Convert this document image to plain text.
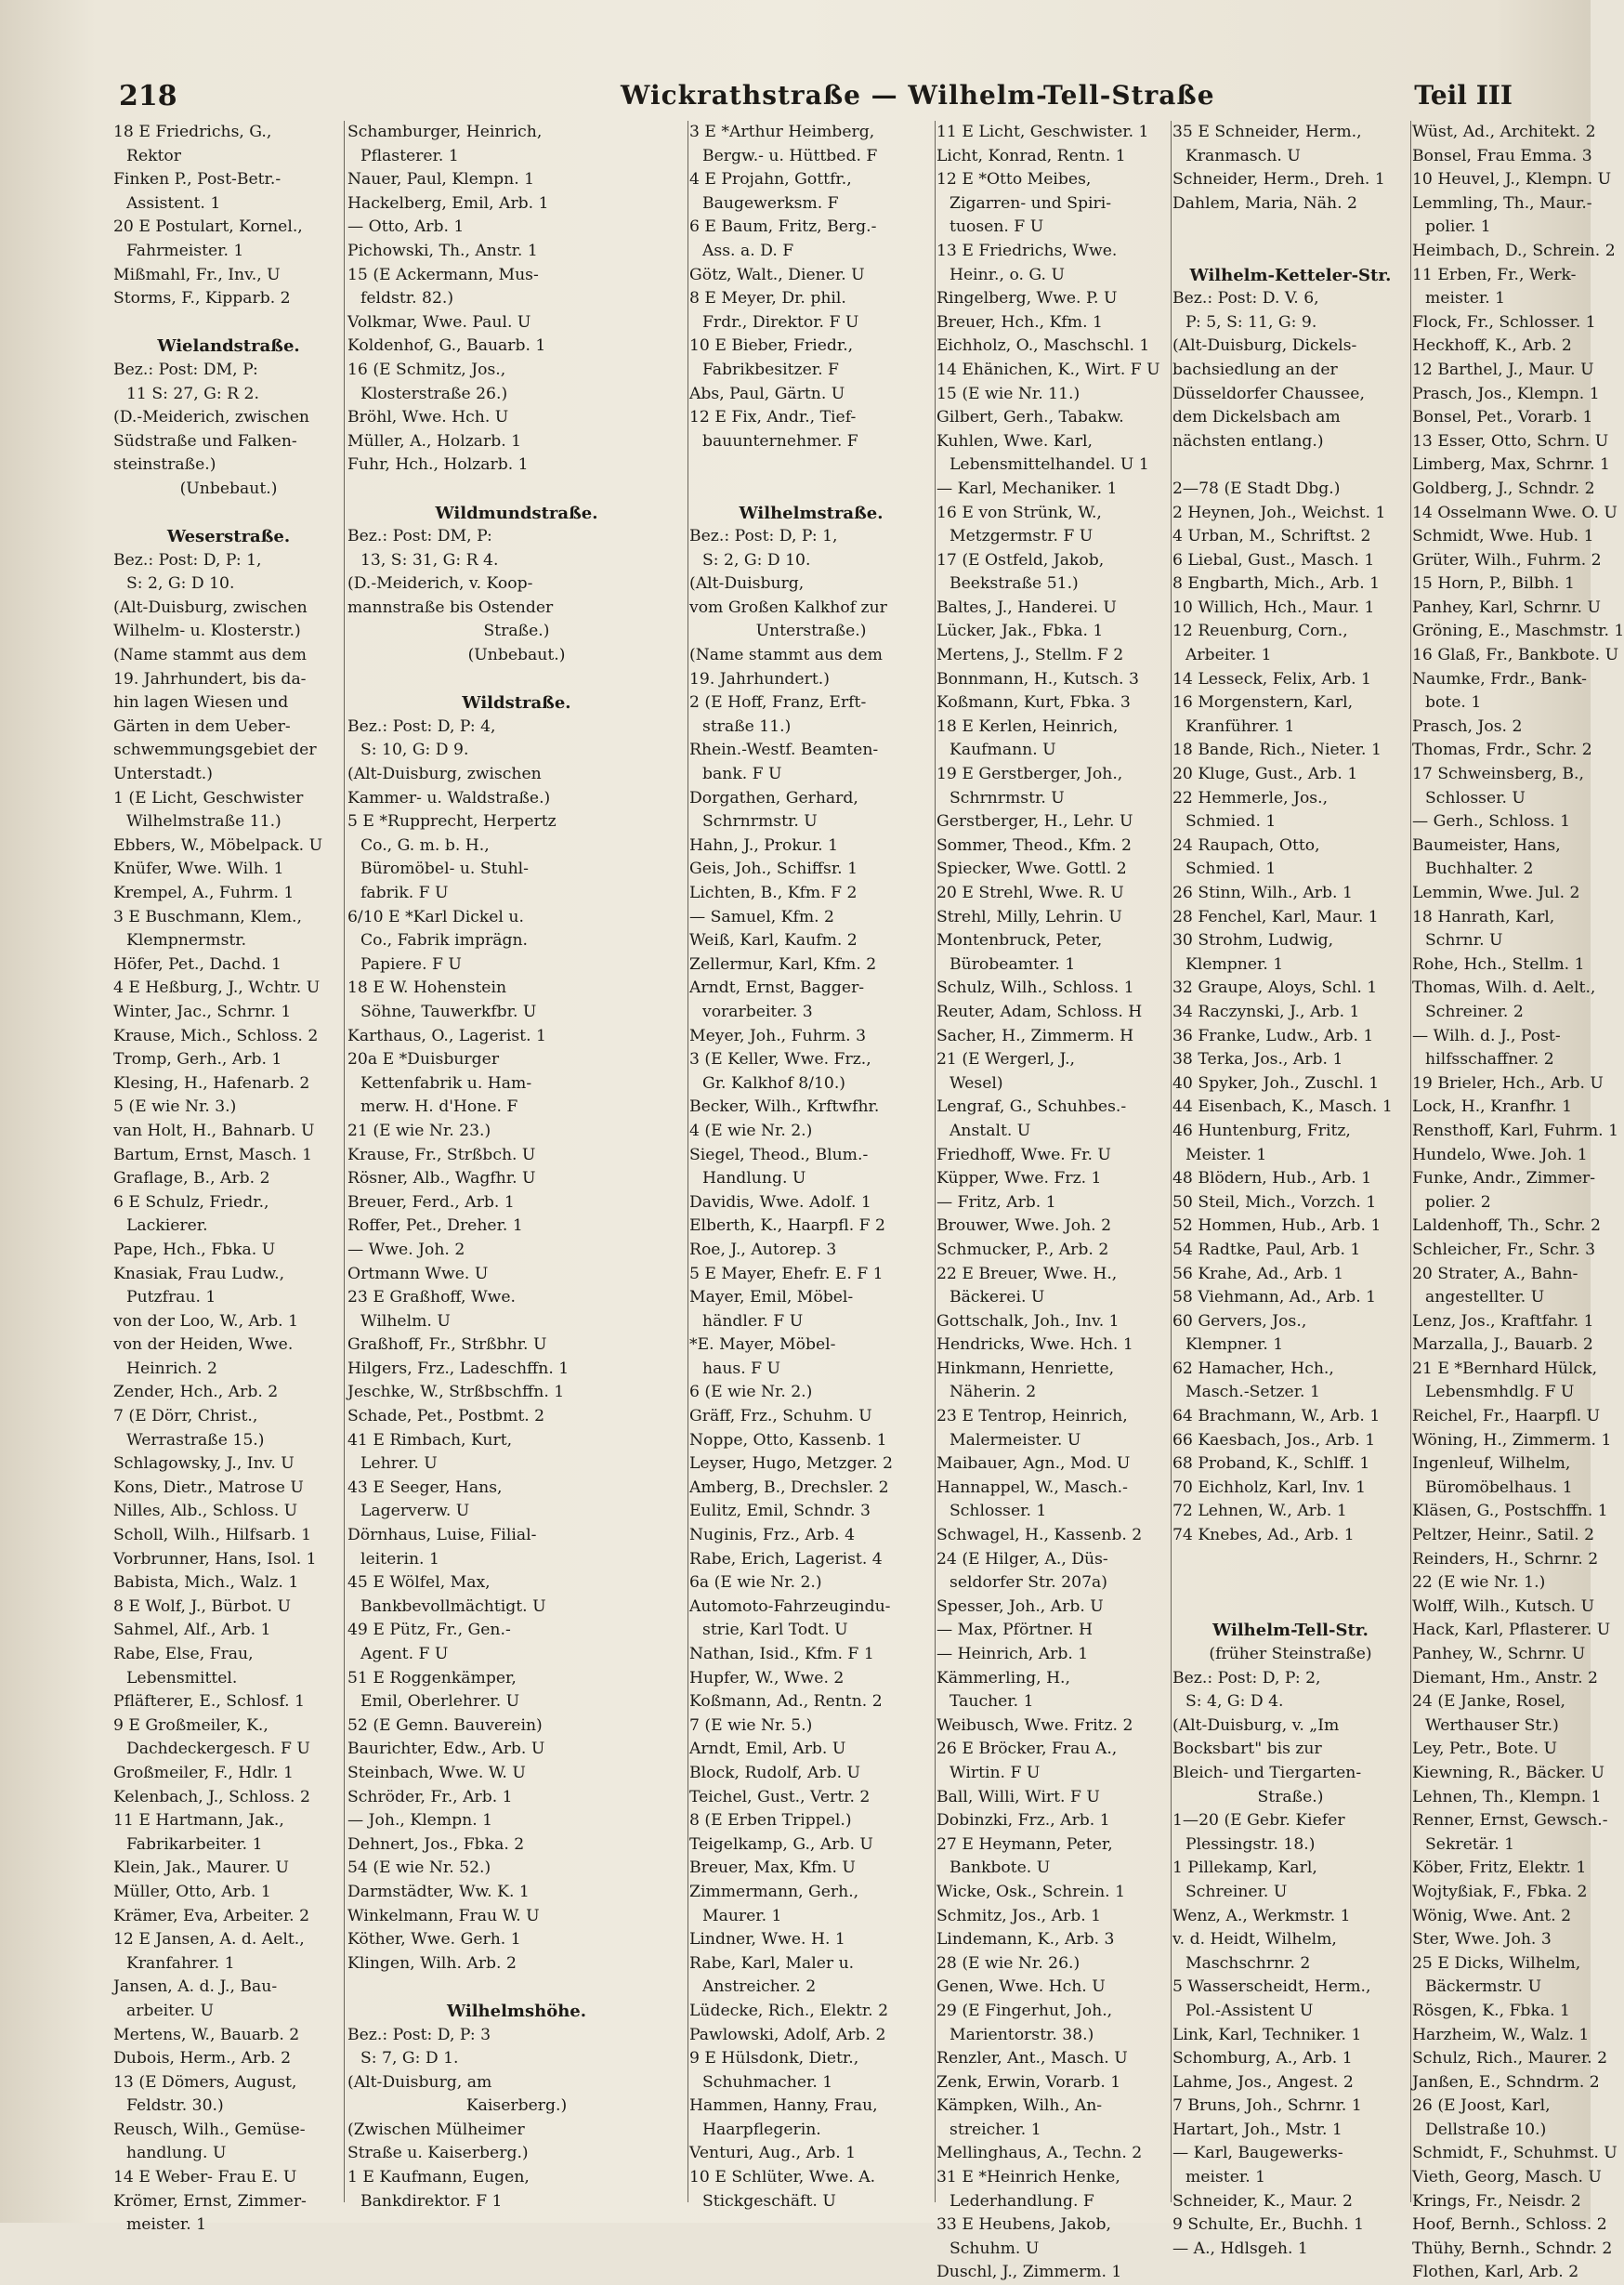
218	Wickrathstraße — Wilhelm-Tell-Straße	Teil III
18 E Friedrichs, G.,
Rektor
Finken P., Post-Betr.-
Assistent. 1
20 E Postulart, Kornel.,
Fahrmeister. 1
Mißmahl, Fr., Inv., U
Storms, F., Kipparb. 2

Wielandstraße.
Bez.: Post: DM, P:
11 S: 27, G: R 2.
(D.-Meiderich, zwischen
Südstraße und Falken-
steinstraße.)
(Unbebaut.)

Weserstraße.
Bez.: Post: D, P: 1,
S: 2, G: D 10.
(Alt-Duisburg, zwischen
Wilhelm- u. Klosterstr.)
(Name stammt aus dem
19. Jahrhundert, bis da-
hin lagen Wiesen und
Gärten in dem Ueber-
schwemmungsgebiet der
Unterstadt.)
1 (E Licht, Geschwister
Wilhelmstraße 11.)
Ebbers, W., Möbelpack. U
Knüfer, Wwe. Wilh. 1
Krempel, A., Fuhrm. 1
3 E Buschmann, Klem.,
Klempnermstr.
Höfer, Pet., Dachd. 1
4 E Heßburg, J., Wchtr. U
Winter, Jac., Schrnr. 1
Krause, Mich., Schloss. 2
Tromp, Gerh., Arb. 1
Klesing, H., Hafenarb. 2
5 (E wie Nr. 3.)
van Holt, H., Bahnarb. U
Bartum, Ernst, Masch. 1
Graflage, B., Arb. 2
6 E Schulz, Friedr.,
Lackierer.
Pape, Hch., Fbka. U
Knasiak, Frau Ludw.,
Putzfrau. 1
von der Loo, W., Arb. 1
von der Heiden, Wwe.
Heinrich. 2
Zender, Hch., Arb. 2
7 (E Dörr, Christ.,
Werrastraße 15.)
Schlagowsky, J., Inv. U
Kons, Dietr., Matrose U
Nilles, Alb., Schloss. U
Scholl, Wilh., Hilfsarb. 1
Vorbrunner, Hans, Isol. 1
Babista, Mich., Walz. 1
8 E Wolf, J., Bürbot. U
Sahmel, Alf., Arb. 1
Rabe, Else, Frau,
Lebensmittel.
Pfläfterer, E., Schlosf. 1
9 E Großmeiler, K.,
Dachdeckergesch. F U
Großmeiler, F., Hdlr. 1
Kelenbach, J., Schloss. 2
11 E Hartmann, Jak.,
Fabrikarbeiter. 1
Klein, Jak., Maurer. U
Müller, Otto, Arb. 1
Krämer, Eva, Arbeiter. 2
12 E Jansen, A. d. Aelt.,
Kranfahrer. 1
Jansen, A. d. J., Bau-
arbeiter. U
Mertens, W., Bauarb. 2
Dubois, Herm., Arb. 2
13 (E Dömers, August,
Feldstr. 30.)
Reusch, Wilh., Gemüse-
handlung. U
14 E Weber- Frau E. U
Krömer, Ernst, Zimmer-
meister. 1
Schamburger, Heinrich,
Pflasterer. 1
Nauer, Paul, Klempn. 1
Hackelberg, Emil, Arb. 1
— Otto, Arb. 1
Pichowski, Th., Anstr. 1
15 (E Ackermann, Mus-
feldstr. 82.)
Volkmar, Wwe. Paul. U
Koldenhof, G., Bauarb. 1
16 (E Schmitz, Jos.,
Klosterstraße 26.)
Bröhl, Wwe. Hch. U
Müller, A., Holzarb. 1
Fuhr, Hch., Holzarb. 1

Wildmundstraße.
Bez.: Post: DM, P:
13, S: 31, G: R 4.
(D.-Meiderich, v. Koop-
mannstraße bis Ostender
Straße.)
(Unbebaut.)

Wildstraße.
Bez.: Post: D, P: 4,
S: 10, G: D 9.
(Alt-Duisburg, zwischen
Kammer- u. Waldstraße.)
5 E *Rupprecht, Herpertz
Co., G. m. b. H.,
Büromöbel- u. Stuhl-
fabrik. F U
6/10 E *Karl Dickel u.
Co., Fabrik imprägn.
Papiere. F U
18 E W. Hohenstein
Söhne, Tauwerkfbr. U
Karthaus, O., Lagerist. 1
20a E *Duisburger
Kettenfabrik u. Ham-
merw. H. d'Hone. F
21 (E wie Nr. 23.)
Krause, Fr., Strßbch. U
Rösner, Alb., Wagfhr. U
Breuer, Ferd., Arb. 1
Roffer, Pet., Dreher. 1
— Wwe. Joh. 2
Ortmann Wwe. U
23 E Graßhoff, Wwe.
Wilhelm. U
Graßhoff, Fr., Strßbhr. U
Hilgers, Frz., Ladeschffn. 1
Jeschke, W., Strßbschffn. 1
Schade, Pet., Postbmt. 2
41 E Rimbach, Kurt,
Lehrer. U
43 E Seeger, Hans,
Lagerverw. U
Dörnhaus, Luise, Filial-
leiterin. 1
45 E Wölfel, Max,
Bankbevollmächtigt. U
49 E Pütz, Fr., Gen.-
Agent. F U
51 E Roggenkämper,
Emil, Oberlehrer. U
52 (E Gemn. Bauverein)
Baurichter, Edw., Arb. U
Steinbach, Wwe. W. U
Schröder, Fr., Arb. 1
— Joh., Klempn. 1
Dehnert, Jos., Fbka. 2
54 (E wie Nr. 52.)
Darmstädter, Ww. K. 1
Winkelmann, Frau W. U
Köther, Wwe. Gerh. 1
Klingen, Wilh. Arb. 2

Wilhelmshöhe.
Bez.: Post: D, P: 3
S: 7, G: D 1.
(Alt-Duisburg, am
Kaiserberg.)
(Zwischen Mülheimer
Straße u. Kaiserberg.)
1 E Kaufmann, Eugen,
Bankdirektor. F 1
3 E *Arthur Heimberg,
Bergw.- u. Hüttbed. F
4 E Projahn, Gottfr.,
Baugewerksm. F
6 E Baum, Fritz, Berg.-
Ass. a. D. F
Götz, Walt., Diener. U
8 E Meyer, Dr. phil.
Frdr., Direktor. F U
10 E Bieber, Friedr.,
Fabrikbesitzer. F
Abs, Paul, Gärtn. U
12 E Fix, Andr., Tief-
bauunternehmer. F

Wilhelmstraße.
Bez.: Post: D, P: 1,
S: 2, G: D 10.
(Alt-Duisburg,
vom Großen Kalkhof zur
Unterstraße.)
(Name stammt aus dem
19. Jahrhundert.)
2 (E Hoff, Franz, Erft-
straße 11.)
Rhein.-Westf. Beamten-
bank. F U
Dorgathen, Gerhard,
Schrnrmstr. U
Hahn, J., Prokur. 1
Geis, Joh., Schiffsr. 1
Lichten, B., Kfm. F 2
— Samuel, Kfm. 2
Weiß, Karl, Kaufm. 2
Zellermur, Karl, Kfm. 2
Arndt, Ernst, Bagger-
vorarbeiter. 3
Meyer, Joh., Fuhrm. 3
3 (E Keller, Wwe. Frz.,
Gr. Kalkhof 8/10.)
Becker, Wilh., Krftwfhr.
4 (E wie Nr. 2.)
Siegel, Theod., Blum.-
Handlung. U
Davidis, Wwe. Adolf. 1
Elberth, K., Haarpfl. F 2
Roe, J., Autorep. 3
5 E Mayer, Ehefr. E. F 1
Mayer, Emil, Möbel-
händler. F U
*E. Mayer, Möbel-
haus. F U
6 (E wie Nr. 2.)
Gräff, Frz., Schuhm. U
Noppe, Otto, Kassenb. 1
Leyser, Hugo, Metzger. 2
Amberg, B., Drechsler. 2
Eulitz, Emil, Schndr. 3
Nuginis, Frz., Arb. 4
Rabe, Erich, Lagerist. 4
6a (E wie Nr. 2.)
Automoto-Fahrzeugindu-
strie, Karl Todt. U
Nathan, Isid., Kfm. F 1
Hupfer, W., Wwe. 2
Koßmann, Ad., Rentn. 2
7 (E wie Nr. 5.)
Arndt, Emil, Arb. U
Block, Rudolf, Arb. U
Teichel, Gust., Vertr. 2
8 (E Erben Trippel.)
Teigelkamp, G., Arb. U
Breuer, Max, Kfm. U
Zimmermann, Gerh.,
Maurer. 1
Lindner, Wwe. H. 1
Rabe, Karl, Maler u.
Anstreicher. 2
Lüdecke, Rich., Elektr. 2
Pawlowski, Adolf, Arb. 2
9 E Hülsdonk, Dietr.,
Schuhmacher. 1
Hammen, Hanny, Frau,
Haarpflegerin.
Venturi, Aug., Arb. 1
10 E Schlüter, Wwe. A.
Stickgeschäft. U
11 E Licht, Geschwister. 1
Licht, Konrad, Rentn. 1
12 E *Otto Meibes,
Zigarren- und Spiri-
tuosen. F U
13 E Friedrichs, Wwe.
Heinr., o. G. U
Ringelberg, Wwe. P. U
Breuer, Hch., Kfm. 1
Eichholz, O., Maschschl. 1
14 Ehänichen, K., Wirt. F U
15 (E wie Nr. 11.)
Gilbert, Gerh., Tabakw.
Kuhlen, Wwe. Karl,
Lebensmittelhandel. U 1
— Karl, Mechaniker. 1
16 E von Strünk, W.,
Metzgermstr. F U
17 (E Ostfeld, Jakob,
Beekstraße 51.)
Baltes, J., Handerei. U
Lücker, Jak., Fbka. 1
Mertens, J., Stellm. F 2
Bonnmann, H., Kutsch. 3
Koßmann, Kurt, Fbka. 3
18 E Kerlen, Heinrich,
Kaufmann. U
19 E Gerstberger, Joh.,
Schrnrmstr. U
Gerstberger, H., Lehr. U
Sommer, Theod., Kfm. 2
Spiecker, Wwe. Gottl. 2
20 E Strehl, Wwe. R. U
Strehl, Milly, Lehrin. U
Montenbruck, Peter,
Bürobeamter. 1
Schulz, Wilh., Schloss. 1
Reuter, Adam, Schloss. H
Sacher, H., Zimmerm. H
21 (E Wergerl, J.,
Wesel)
Lengraf, G., Schuhbes.-
Anstalt. U
Friedhoff, Wwe. Fr. U
Küpper, Wwe. Frz. 1
— Fritz, Arb. 1
Brouwer, Wwe. Joh. 2
Schmucker, P., Arb. 2
22 E Breuer, Wwe. H.,
Bäckerei. U
Gottschalk, Joh., Inv. 1
Hendricks, Wwe. Hch. 1
Hinkmann, Henriette,
Näherin. 2
23 E Tentrop, Heinrich,
Malermeister. U
Maibauer, Agn., Mod. U
Hannappel, W., Masch.-
Schlosser. 1
Schwagel, H., Kassenb. 2
24 (E Hilger, A., Düs-
seldorfer Str. 207a)
Spesser, Joh., Arb. U
— Max, Pförtner. H
— Heinrich, Arb. 1
Kämmerling, H.,
Taucher. 1
Weibusch, Wwe. Fritz. 2
26 E Bröcker, Frau A.,
Wirtin. F U
Ball, Willi, Wirt. F U
Dobinzki, Frz., Arb. 1
27 E Heymann, Peter,
Bankbote. U
Wicke, Osk., Schrein. 1
Schmitz, Jos., Arb. 1
Lindemann, K., Arb. 3
28 (E wie Nr. 26.)
Genen, Wwe. Hch. U
29 (E Fingerhut, Joh.,
Marientorstr. 38.)
Renzler, Ant., Masch. U
Zenk, Erwin, Vorarb. 1
Kämpken, Wilh., An-
streicher. 1
Mellinghaus, A., Techn. 2
31 E *Heinrich Henke,
Lederhandlung. F
33 E Heubens, Jakob,
Schuhm. U
Duschl, J., Zimmerm. 1
35 E Schneider, Herm.,
Kranmasch. U
Schneider, Herm., Dreh. 1
Dahlem, Maria, Näh. 2

Wilhelm-Ketteler-Str.
Bez.: Post: D. V. 6,
P: 5, S: 11, G: 9.
(Alt-Duisburg, Dickels-
bachsiedlung an der
Düsseldorfer Chaussee,
dem Dickelsbach am
nächsten entlang.)

2—78 (E Stadt Dbg.)
2 Heynen, Joh., Weichst. 1
4 Urban, M., Schriftst. 2
6 Liebal, Gust., Masch. 1
8 Engbarth, Mich., Arb. 1
10 Willich, Hch., Maur. 1
12 Reuenburg, Corn.,
Arbeiter. 1
14 Lesseck, Felix, Arb. 1
16 Morgenstern, Karl,
Kranführer. 1
18 Bande, Rich., Nieter. 1
20 Kluge, Gust., Arb. 1
22 Hemmerle, Jos.,
Schmied. 1
24 Raupach, Otto,
Schmied. 1
26 Stinn, Wilh., Arb. 1
28 Fenchel, Karl, Maur. 1
30 Strohm, Ludwig,
Klempner. 1
32 Graupe, Aloys, Schl. 1
34 Raczynski, J., Arb. 1
36 Franke, Ludw., Arb. 1
38 Terka, Jos., Arb. 1
40 Spyker, Joh., Zuschl. 1
44 Eisenbach, K., Masch. 1
46 Huntenburg, Fritz,
Meister. 1
48 Blödern, Hub., Arb. 1
50 Steil, Mich., Vorzch. 1
52 Hommen, Hub., Arb. 1
54 Radtke, Paul, Arb. 1
56 Krahe, Ad., Arb. 1
58 Viehmann, Ad., Arb. 1
60 Gervers, Jos.,
Klempner. 1
62 Hamacher, Hch.,
Masch.-Setzer. 1
64 Brachmann, W., Arb. 1
66 Kaesbach, Jos., Arb. 1
68 Proband, K., Schlff. 1
70 Eichholz, Karl, Inv. 1
72 Lehnen, W., Arb. 1
74 Knebes, Ad., Arb. 1

Wilhelm-Tell-Str.
(früher Steinstraße)
Bez.: Post: D, P: 2,
S: 4, G: D 4.
(Alt-Duisburg, v. „Im
Bocksbart" bis zur
Bleich- und Tiergarten-
Straße.)
1—20 (E Gebr. Kiefer
Plessingstr. 18.)
1 Pillekamp, Karl,
Schreiner. U
Wenz, A., Werkmstr. 1
v. d. Heidt, Wilhelm,
Maschschrnr. 2
5 Wasserscheidt, Herm.,
Pol.-Assistent U
Link, Karl, Techniker. 1
Schomburg, A., Arb. 1
Lahme, Jos., Angest. 2
7 Bruns, Joh., Schrnr. 1
Hartart, Joh., Mstr. 1
— Karl, Baugewerks-
meister. 1
Schneider, K., Maur. 2
9 Schulte, Er., Buchh. 1
— A., Hdlsgeh. 1
Wüst, Ad., Architekt. 2
Bonsel, Frau Emma. 3
10 Heuvel, J., Klempn. U
Lemmling, Th., Maur.-
polier. 1
Heimbach, D., Schrein. 2
11 Erben, Fr., Werk-
meister. 1
Flock, Fr., Schlosser. 1
Heckhoff, K., Arb. 2
12 Barthel, J., Maur. U
Prasch, Jos., Klempn. 1
Bonsel, Pet., Vorarb. 1
13 Esser, Otto, Schrn. U
Limberg, Max, Schrnr. 1
Goldberg, J., Schndr. 2
14 Osselmann Wwe. O. U
Schmidt, Wwe. Hub. 1
Grüter, Wilh., Fuhrm. 2
15 Horn, P., Bilbh. 1
Panhey, Karl, Schrnr. U
Gröning, E., Maschmstr. 1
16 Glaß, Fr., Bankbote. U
Naumke, Frdr., Bank-
bote. 1
Prasch, Jos. 2
Thomas, Frdr., Schr. 2
17 Schweinsberg, B.,
Schlosser. U
— Gerh., Schloss. 1
Baumeister, Hans,
Buchhalter. 2
Lemmin, Wwe. Jul. 2
18 Hanrath, Karl,
Schrnr. U
Rohe, Hch., Stellm. 1
Thomas, Wilh. d. Aelt.,
Schreiner. 2
— Wilh. d. J., Post-
hilfsschaffner. 2
19 Brieler, Hch., Arb. U
Lock, H., Kranfhr. 1
Rensthoff, Karl, Fuhrm. 1
Hundelo, Wwe. Joh. 1
Funke, Andr., Zimmer-
polier. 2
Laldenhoff, Th., Schr. 2
Schleicher, Fr., Schr. 3
20 Strater, A., Bahn-
angestellter. U
Lenz, Jos., Kraftfahr. 1
Marzalla, J., Bauarb. 2
21 E *Bernhard Hülck,
Lebensmhdlg. F U
Reichel, Fr., Haarpfl. U
Wöning, H., Zimmerm. 1
Ingenleuf, Wilhelm,
Büromöbelhaus. 1
Kläsen, G., Postschffn. 1
Peltzer, Heinr., Satil. 2
Reinders, H., Schrnr. 2
22 (E wie Nr. 1.)
Wolff, Wilh., Kutsch. U
Hack, Karl, Pflasterer. U
Panhey, W., Schrnr. U
Diemant, Hm., Anstr. 2
24 (E Janke, Rosel,
Werthauser Str.)
Ley, Petr., Bote. U
Kiewning, R., Bäcker. U
Lehnen, Th., Klempn. 1
Renner, Ernst, Gewsch.-
Sekretär. 1
Köber, Fritz, Elektr. 1
Wojtyßiak, F., Fbka. 2
Wönig, Wwe. Ant. 2
Ster, Wwe. Joh. 3
25 E Dicks, Wilhelm,
Bäckermstr. U
Rösgen, K., Fbka. 1
Harzheim, W., Walz. 1
Schulz, Rich., Maurer. 2
Janßen, E., Schndrm. 2
26 (E Joost, Karl,
Dellstraße 10.)
Schmidt, F., Schuhmst. U
Vieth, Georg, Masch. U
Krings, Fr., Neisdr. 2
Hoof, Bernh., Schloss. 2
Thühy, Bernh., Schndr. 2
Flothen, Karl, Arb. 2
